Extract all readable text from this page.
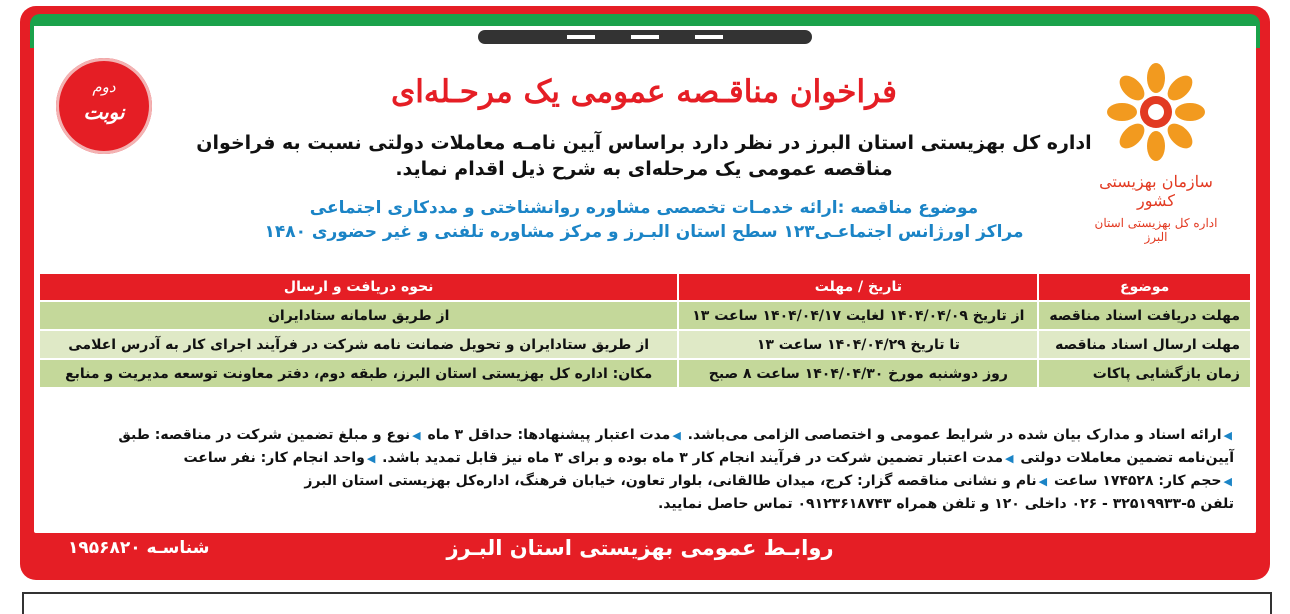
سازمان بهزیستی کشور
اداره کل بهزیستی استان البرز
دوم
نوبت
فراخوان مناقـصه عمومی یک مرحـله‌ای
اداره کل بهزیستی استان البرز در نظر دارد براساس آیین نامـه معاملات دولتی نسبت به فراخوان
مناقصه عمومی یک مرحله‌ای به شرح ذیل اقدام نماید.
موضوع مناقصه :ارائه خدمـات تخصصی مشاوره روانشناختی و مددکاری اجتماعی
مراکز اورژانس اجتماعـی۱۲۳ سطح استان البـرز و مرکز مشاوره تلفنی و غیر حضوری ۱۴۸۰
موضوع	تاریخ / مهلت	نحوه دریافت و ارسال
مهلت دریافت اسناد مناقصه	از تاریخ ۱۴۰۴/۰۴/۰۹ لغایت ۱۴۰۴/۰۴/۱۷ ساعت ۱۳	از طریق سامانه ستادایران
مهلت ارسال اسناد مناقصه	تا تاریخ ۱۴۰۴/۰۴/۲۹ ساعت ۱۳	از طریق ستادایران و تحویل ضمانت نامه شرکت در فرآیند اجرای کار به آدرس اعلامی
زمان بازگشایی پاکات	روز دوشنبه مورخ ۱۴۰۴/۰۴/۳۰ ساعت ۸ صبح	مکان: اداره کل بهزیستی استان البرز، طبقه دوم، دفتر معاونت توسعه مدیریت و منابع
◀ارائه اسناد و مدارک بیان شده در شرایط عمومی و اختصاصی الزامی می‌باشد. ◀مدت اعتبار پیشنهادها: حداقل ۳ ماه ◀نوع و مبلغ تضمین شرکت در مناقصه: طبق
آیین‌نامه تضمین معاملات دولتی ◀مدت اعتبار تضمین شرکت در فرآیند انجام کار ۳ ماه بوده و برای ۳ ماه نیز قابل تمدید باشد. ◀واحد انجام کار: نفر ساعت
◀حجم کار: ۱۷۴۵۲۸ ساعت ◀نام و نشانی مناقصه گزار: کرج، میدان طالقانی، بلوار تعاون، خیابان فرهنگ، اداره‌کل بهزیستی استان البرز
تلفن ۵-۳۲۵۱۹۹۳۳ - ۰۲۶ داخلی ۱۲۰ و تلفن همراه ۰۹۱۲۳۶۱۸۷۴۳ تماس حاصل نمایید.
روابـط عمومی بهزیستی استان البـرز
شناسـه ۱۹۵۶۸۲۰
